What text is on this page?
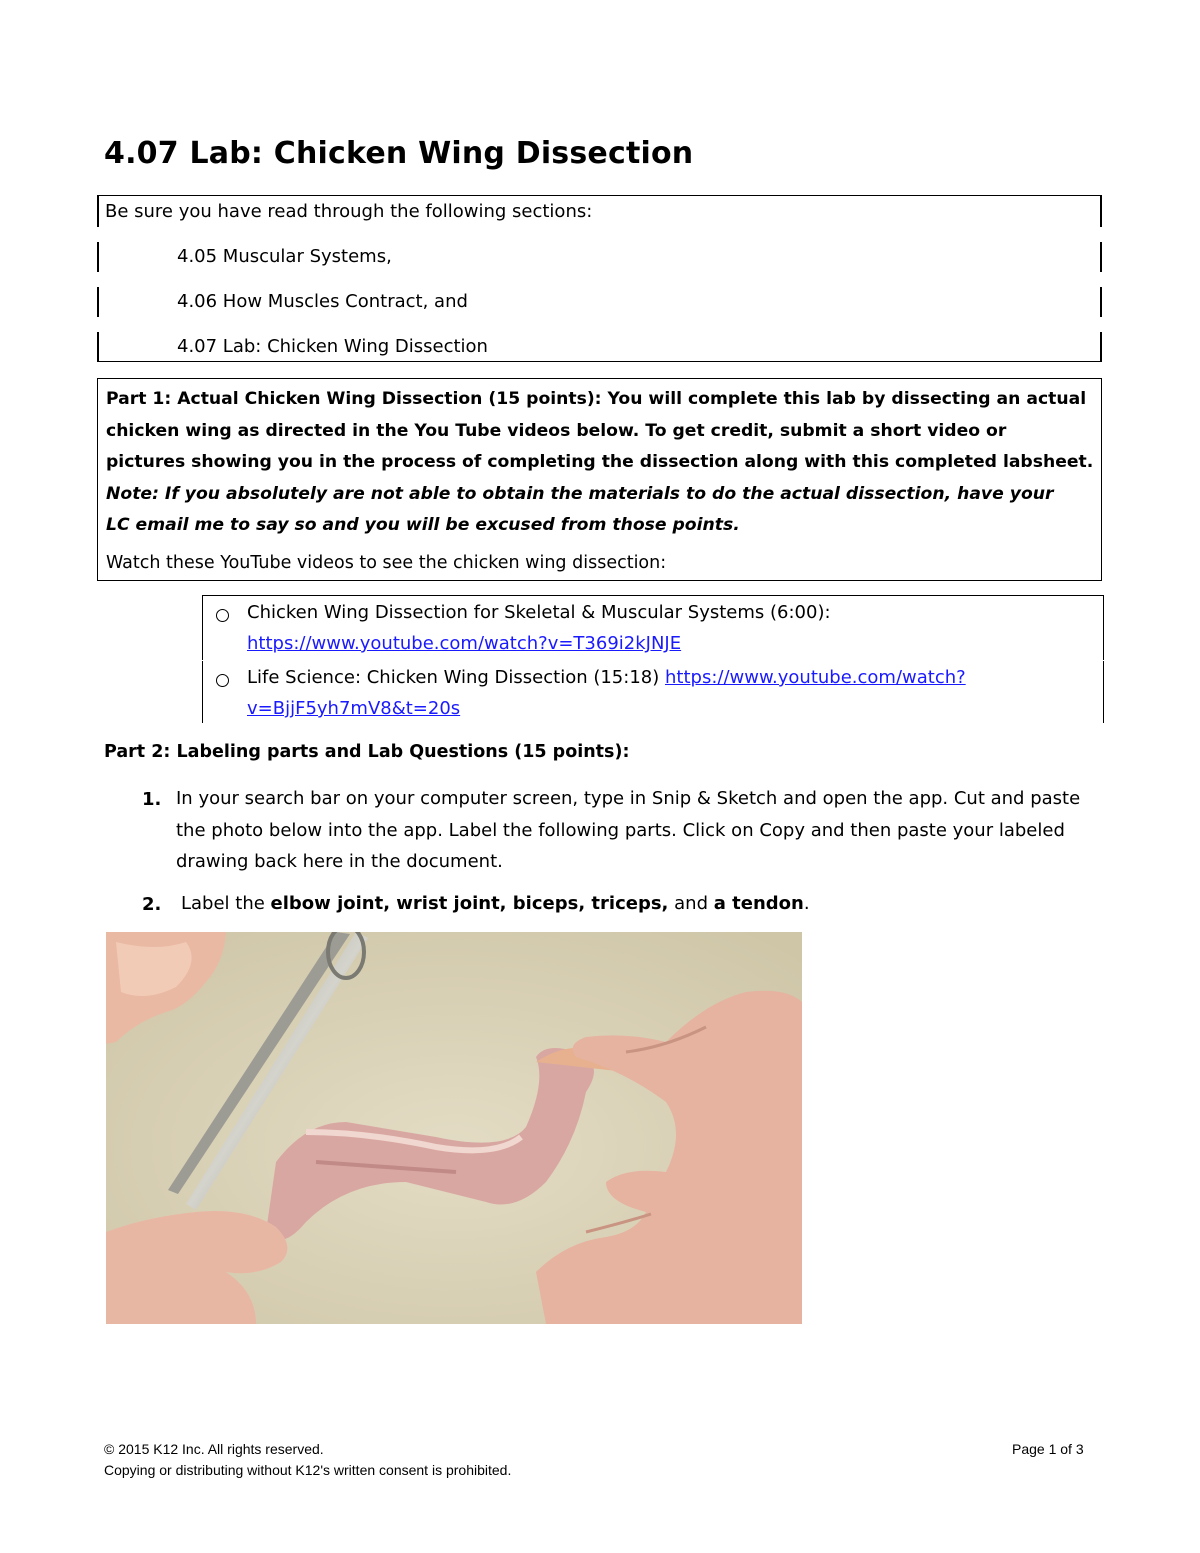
4.07 Lab: Chicken Wing Dissection
Be sure you have read through the following sections:
4.05 Muscular Systems,
4.06 How Muscles Contract, and
4.07 Lab: Chicken Wing Dissection
Part 1: Actual Chicken Wing Dissection (15 points): You will complete this lab by dissecting an actual
chicken wing as directed in the You Tube videos below. To get credit, submit a short video or
pictures showing you in the process of completing the dissection along with this completed labsheet.
Note: If you absolutely are not able to obtain the materials to do the actual dissection, have your
LC email me to say so and you will be excused from those points.
Watch these YouTube videos to see the chicken wing dissection:
Chicken Wing Dissection for Skeletal & Muscular Systems (6:00):
https://www.youtube.com/watch?v=T369i2kJNJE
Life Science: Chicken Wing Dissection (15:18) https://www.youtube.com/watch?
v=BjjF5yh7mV8&t=20s
Part 2: Labeling parts and Lab Questions (15 points):
1. In your search bar on your computer screen, type in Snip & Sketch and open the app. Cut and paste
the photo below into the app. Label the following parts. Click on Copy and then paste your labeled
drawing back here in the document.
2. Label the elbow joint, wrist joint, biceps, triceps, and a tendon.
© 2015 K12 Inc. All rights reserved.
Copying or distributing without K12's written consent is prohibited.
Page 1 of 3
